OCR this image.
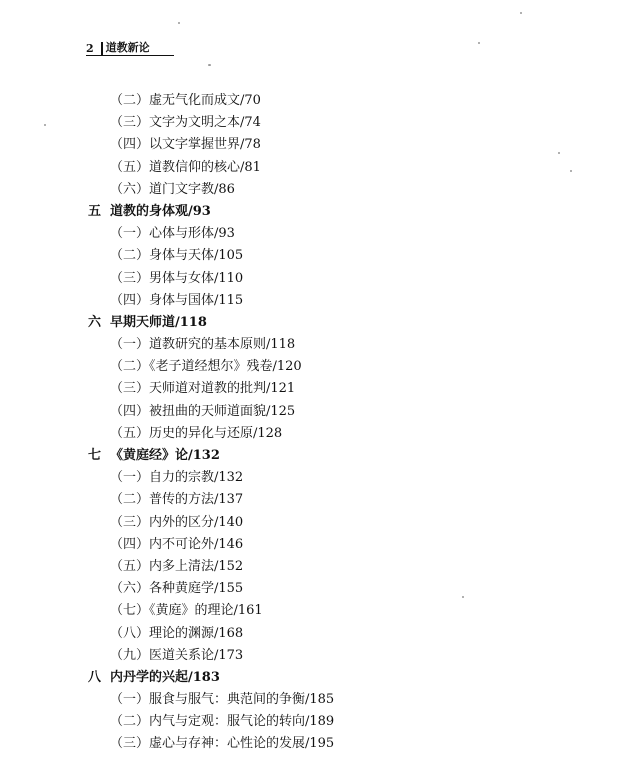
2 道教新论
（二）虚无气化而成文/70
（三）文字为文明之本/74
（四）以文字掌握世界/78
（五）道教信仰的核心/81
（六）道门文字教/86
五 道教的身体观/93
（一）心体与形体/93
（二）身体与天体/105
（三）男体与女体/110
（四）身体与国体/115
六 早期天师道/118
（一）道教研究的基本原则/118
（二）《老子道经想尔》残卷/120
（三）天师道对道教的批判/121
（四）被扭曲的天师道面貌/125
（五）历史的异化与还原/128
七 《黄庭经》论/132
（一）自力的宗教/132
（二）普传的方法/137
（三）内外的区分/140
（四）内不可论外/146
（五）内多上清法/152
（六）各种黄庭学/155
（七）《黄庭》的理论/161
（八）理论的渊源/168
（九）医道关系论/173
八 内丹学的兴起/183
（一）服食与服气：典范间的争衡/185
（二）内气与定观：服气论的转向/189
（三）虚心与存神：心性论的发展/195
